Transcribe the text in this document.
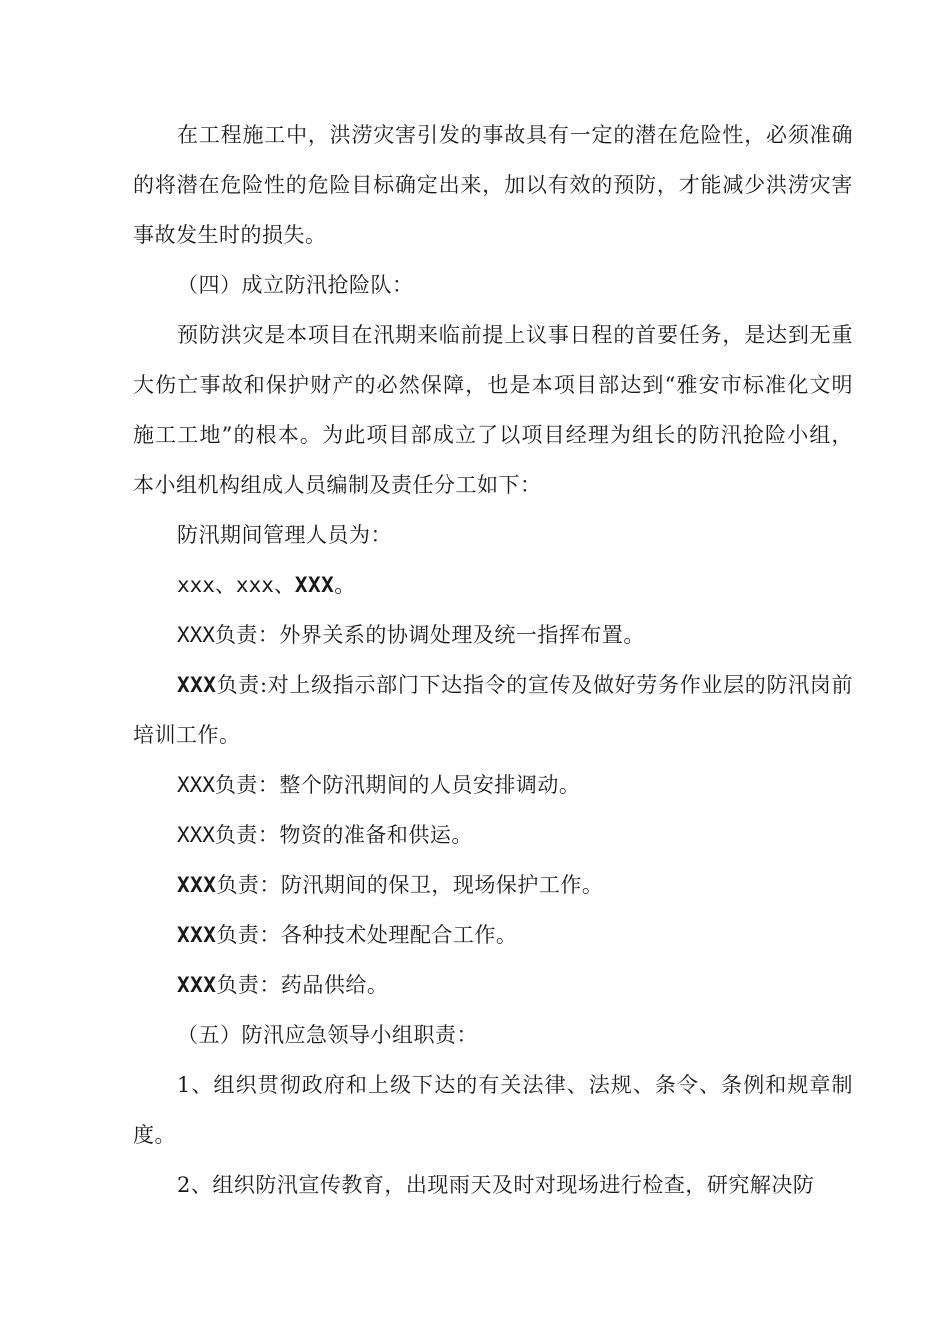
在工程施工中，洪涝灾害引发的事故具有一定的潜在危险性，必须准确的将潜在危险性的危险目标确定出来，加以有效的预防，才能减少洪涝灾害事故发生时的损失。

（四）成立防汛抢险队：

预防洪灾是本项目在汛期来临前提上议事日程的首要任务，是达到无重大伤亡事故和保护财产的必然保障，也是本项目部达到“雅安市标准化文明施工工地”的根本。为此项目部成立了以项目经理为组长的防汛抢险小组，本小组机构组成人员编制及责任分工如下：

防汛期间管理人员为：

xxx、xxx、XXX。

XXX负责：外界关系的协调处理及统一指挥布置。

XXX负责:对上级指示部门下达指令的宣传及做好劳务作业层的防汛岗前培训工作。

XXX负责：整个防汛期间的人员安排调动。

XXX负责：物资的准备和供运。

XXX负责：防汛期间的保卫，现场保护工作。

XXX负责：各种技术处理配合工作。

XXX负责：药品供给。

（五）防汛应急领导小组职责：

1、组织贯彻政府和上级下达的有关法律、法规、条令、条例和规章制度。

2、组织防汛宣传教育，出现雨天及时对现场进行检查，研究解决防
